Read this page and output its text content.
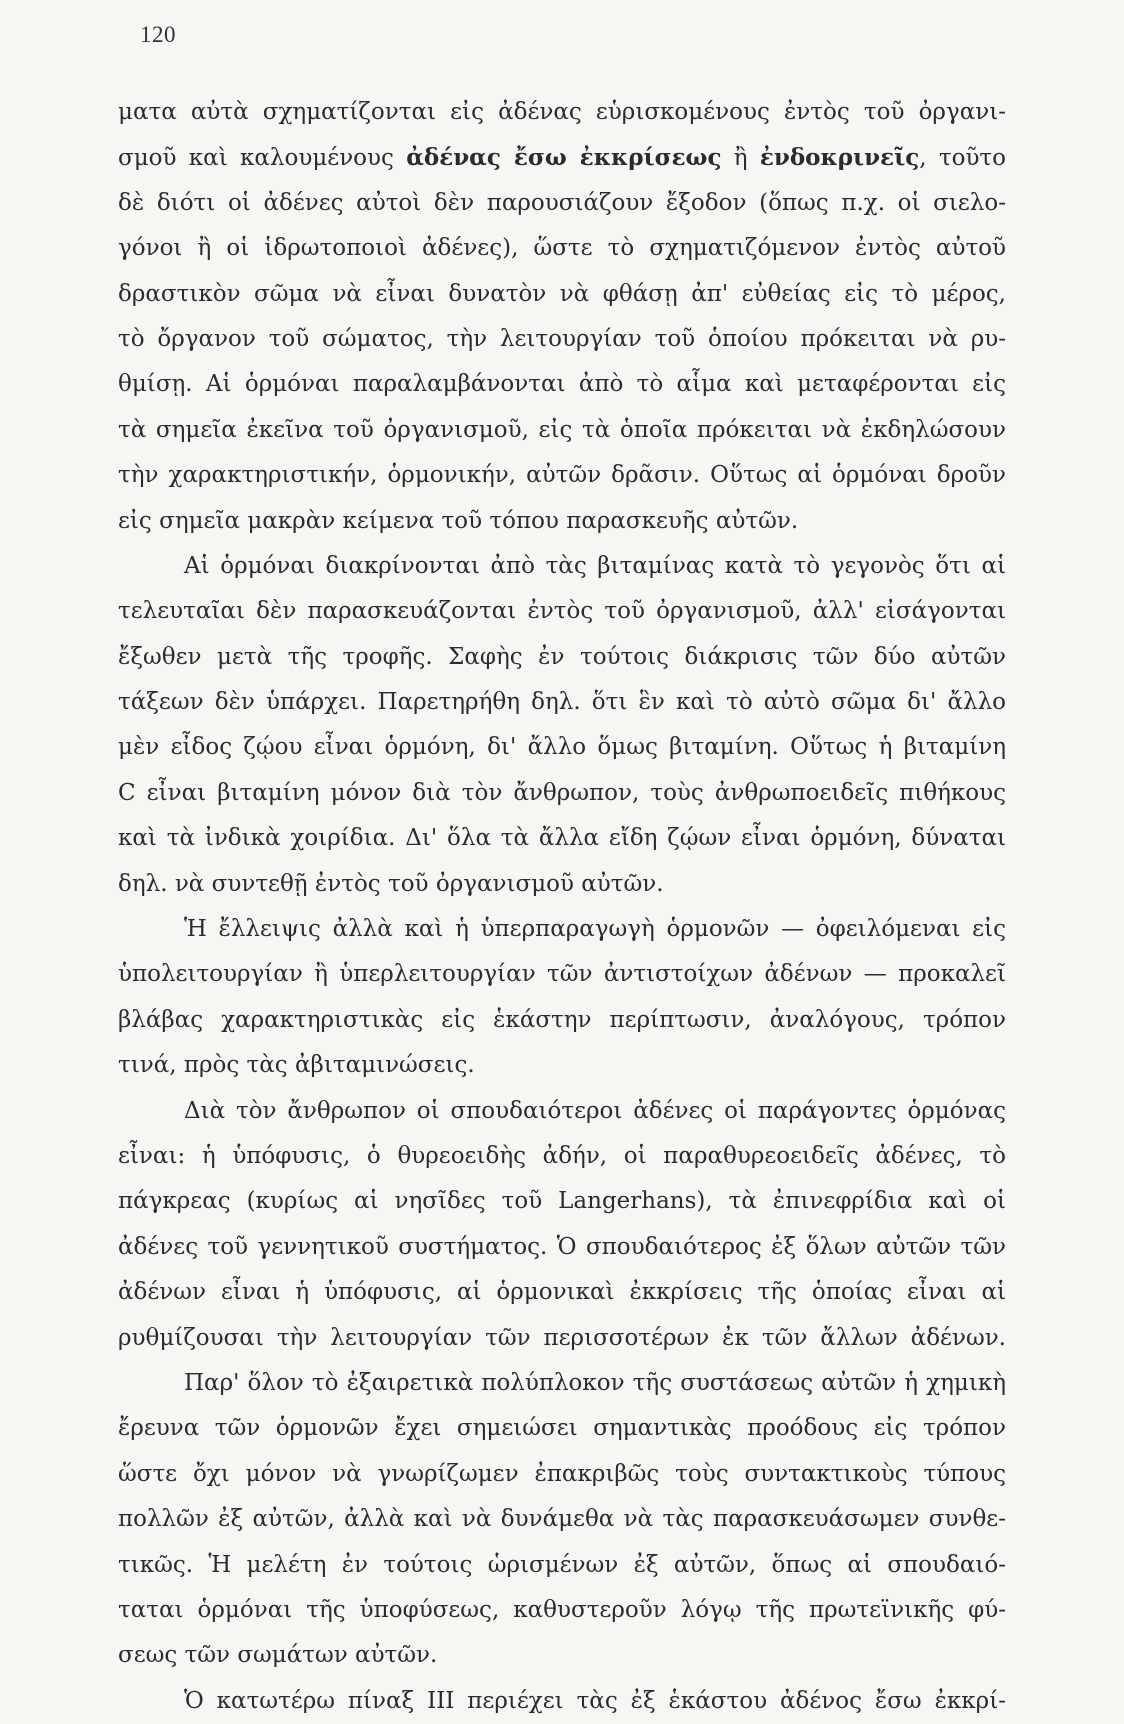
120
ματα αὐτὰ σχηματίζονται εἰς ἀδένας εὑρισκομένους ἐντὸς τοῦ ὀργανι-
σμοῦ καὶ καλουμένους ἀδένας ἔσω ἐκκρίσεως ἢ ἐνδοκρινεῖς, τοῦτο
δὲ διότι οἱ ἀδένες αὐτοὶ δὲν παρουσιάζουν ἔξοδον (ὅπως π.χ. οἱ σιελο-
γόνοι ἢ οἱ ἱδρωτοποιοὶ ἀδένες), ὥστε τὸ σχηματιζόμενον ἐντὸς αὐτοῦ
δραστικὸν σῶμα νὰ εἶναι δυνατὸν νὰ φθάσῃ ἀπ' εὐθείας εἰς τὸ μέρος,
τὸ ὄργανον τοῦ σώματος, τὴν λειτουργίαν τοῦ ὁποίου πρόκειται νὰ ρυ-
θμίσῃ. Αἱ ὁρμόναι παραλαμβάνονται ἀπὸ τὸ αἷμα καὶ μεταφέρονται εἰς
τὰ σημεῖα ἐκεῖνα τοῦ ὀργανισμοῦ, εἰς τὰ ὁποῖα πρόκειται νὰ ἐκδηλώσουν
τὴν χαρακτηριστικήν, ὁρμονικήν, αὐτῶν δρᾶσιν. Οὕτως αἱ ὁρμόναι δροῦν
εἰς σημεῖα μακρὰν κείμενα τοῦ τόπου παρασκευῆς αὐτῶν.
Αἱ ὁρμόναι διακρίνονται ἀπὸ τὰς βιταμίνας κατὰ τὸ γεγονὸς ὅτι αἱ
τελευταῖαι δὲν παρασκευάζονται ἐντὸς τοῦ ὀργανισμοῦ, ἀλλ' εἰσάγονται
ἔξωθεν μετὰ τῆς τροφῆς. Σαφὴς ἐν τούτοις διάκρισις τῶν δύο αὐτῶν
τάξεων δὲν ὑπάρχει. Παρετηρήθη δηλ. ὅτι ἓν καὶ τὸ αὐτὸ σῶμα δι' ἄλλο
μὲν εἶδος ζῴου εἶναι ὁρμόνη, δι' ἄλλο ὅμως βιταμίνη. Οὕτως ἡ βιταμίνη
C εἶναι βιταμίνη μόνον διὰ τὸν ἄνθρωπον, τοὺς ἀνθρωποειδεῖς πιθήκους
καὶ τὰ ἰνδικὰ χοιρίδια. Δι' ὅλα τὰ ἄλλα εἴδη ζῴων εἶναι ὁρμόνη, δύναται
δηλ. νὰ συντεθῇ ἐντὸς τοῦ ὀργανισμοῦ αὐτῶν.
Ἡ ἔλλειψις ἀλλὰ καὶ ἡ ὑπερπαραγωγὴ ὁρμονῶν — ὀφειλόμεναι εἰς
ὑπολειτουργίαν ἢ ὑπερλειτουργίαν τῶν ἀντιστοίχων ἀδένων — προκαλεῖ
βλάβας χαρακτηριστικὰς εἰς ἑκάστην περίπτωσιν, ἀναλόγους, τρόπον
τινά, πρὸς τὰς ἀβιταμινώσεις.
Διὰ τὸν ἄνθρωπον οἱ σπουδαιότεροι ἀδένες οἱ παράγοντες ὁρμόνας
εἶναι: ἡ ὑπόφυσις, ὁ θυρεοειδὴς ἀδήν, οἱ παραθυρεοειδεῖς ἀδένες, τὸ
πάγκρεας (κυρίως αἱ νησῖδες τοῦ Langerhans), τὰ ἐπινεφρίδια καὶ οἱ
ἀδένες τοῦ γεννητικοῦ συστήματος. Ὁ σπουδαιότερος ἐξ ὅλων αὐτῶν τῶν
ἀδένων εἶναι ἡ ὑπόφυσις, αἱ ὁρμονικαὶ ἐκκρίσεις τῆς ὁποίας εἶναι αἱ
ρυθμίζουσαι τὴν λειτουργίαν τῶν περισσοτέρων ἐκ τῶν ἄλλων ἀδένων.
Παρ' ὅλον τὸ ἐξαιρετικὰ πολύπλοκον τῆς συστάσεως αὐτῶν ἡ χημικὴ
ἔρευνα τῶν ὁρμονῶν ἔχει σημειώσει σημαντικὰς προόδους εἰς τρόπον
ὥστε ὄχι μόνον νὰ γνωρίζωμεν ἐπακριβῶς τοὺς συντακτικοὺς τύπους
πολλῶν ἐξ αὐτῶν, ἀλλὰ καὶ νὰ δυνάμεθα νὰ τὰς παρασκευάσωμεν συνθε-
τικῶς. Ἡ μελέτη ἐν τούτοις ὡρισμένων ἐξ αὐτῶν, ὅπως αἱ σπουδαιό-
ταται ὁρμόναι τῆς ὑποφύσεως, καθυστεροῦν λόγῳ τῆς πρωτεϊνικῆς φύ-
σεως τῶν σωμάτων αὐτῶν.
Ὁ κατωτέρω πίναξ III περιέχει τὰς ἐξ ἑκάστου ἀδένος ἔσω ἐκκρί-
